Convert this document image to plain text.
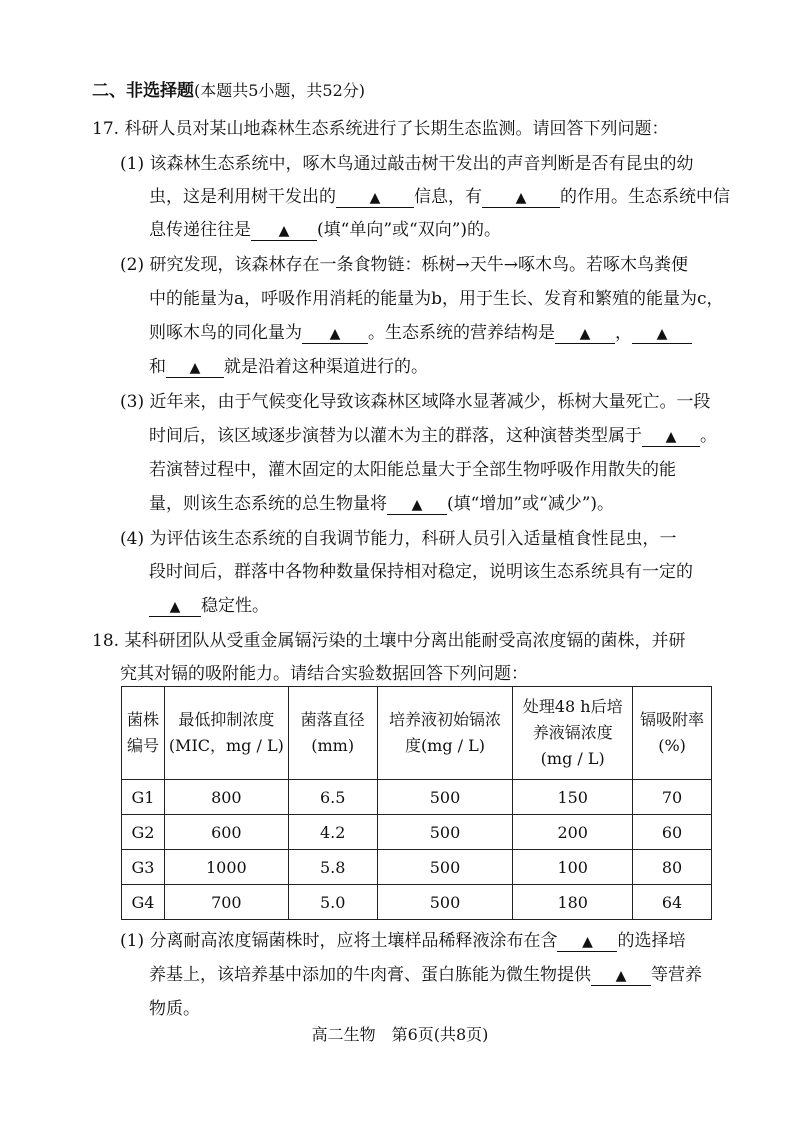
二、非选择题(本题共5小题，共52分)
17. 科研人员对某山地森林生态系统进行了长期生态监测。请回答下列问题：
(1) 该森林生态系统中，啄木鸟通过敲击树干发出的声音判断是否有昆虫的幼
虫，这是利用树干发出的 ▲ 信息，有 ▲ 的作用。生态系统中信
息传递往往是 ▲ (填“单向”或“双向”)的。
(2) 研究发现，该森林存在一条食物链：栎树→天牛→啄木鸟。若啄木鸟粪便
中的能量为a，呼吸作用消耗的能量为b，用于生长、发育和繁殖的能量为c，
则啄木鸟的同化量为 ▲ 。生态系统的营养结构是 ▲ ， ▲
和 ▲ 就是沿着这种渠道进行的。
(3) 近年来，由于气候变化导致该森林区域降水显著减少，栎树大量死亡。一段
时间后，该区域逐步演替为以灌木为主的群落，这种演替类型属于 ▲ 。
若演替过程中，灌木固定的太阳能总量大于全部生物呼吸作用散失的能
量，则该生态系统的总生物量将 ▲ (填“增加”或“减少”)。
(4) 为评估该生态系统的自我调节能力，科研人员引入适量植食性昆虫，一
段时间后，群落中各物种数量保持相对稳定，说明该生态系统具有一定的
▲ 稳定性。
18. 某科研团队从受重金属镉污染的土壤中分离出能耐受高浓度镉的菌株，并研
究其对镉的吸附能力。请结合实验数据回答下列问题：
菌株
编号	最低抑制浓度
(MIC，mg / L)	菌落直径
(mm)	培养液初始镉浓
度(mg / L)	处理48 h后培
养液镉浓度
(mg / L)	镉吸附率
(%)
G1	800	6.5	500	150	70
G2	600	4.2	500	200	60
G3	1000	5.8	500	100	80
G4	700	5.0	500	180	64
(1) 分离耐高浓度镉菌株时，应将土壤样品稀释液涂布在含 ▲ 的选择培
养基上，该培养基中添加的牛肉膏、蛋白胨能为微生物提供 ▲ 等营养
物质。
高二生物　第6页(共8页)
